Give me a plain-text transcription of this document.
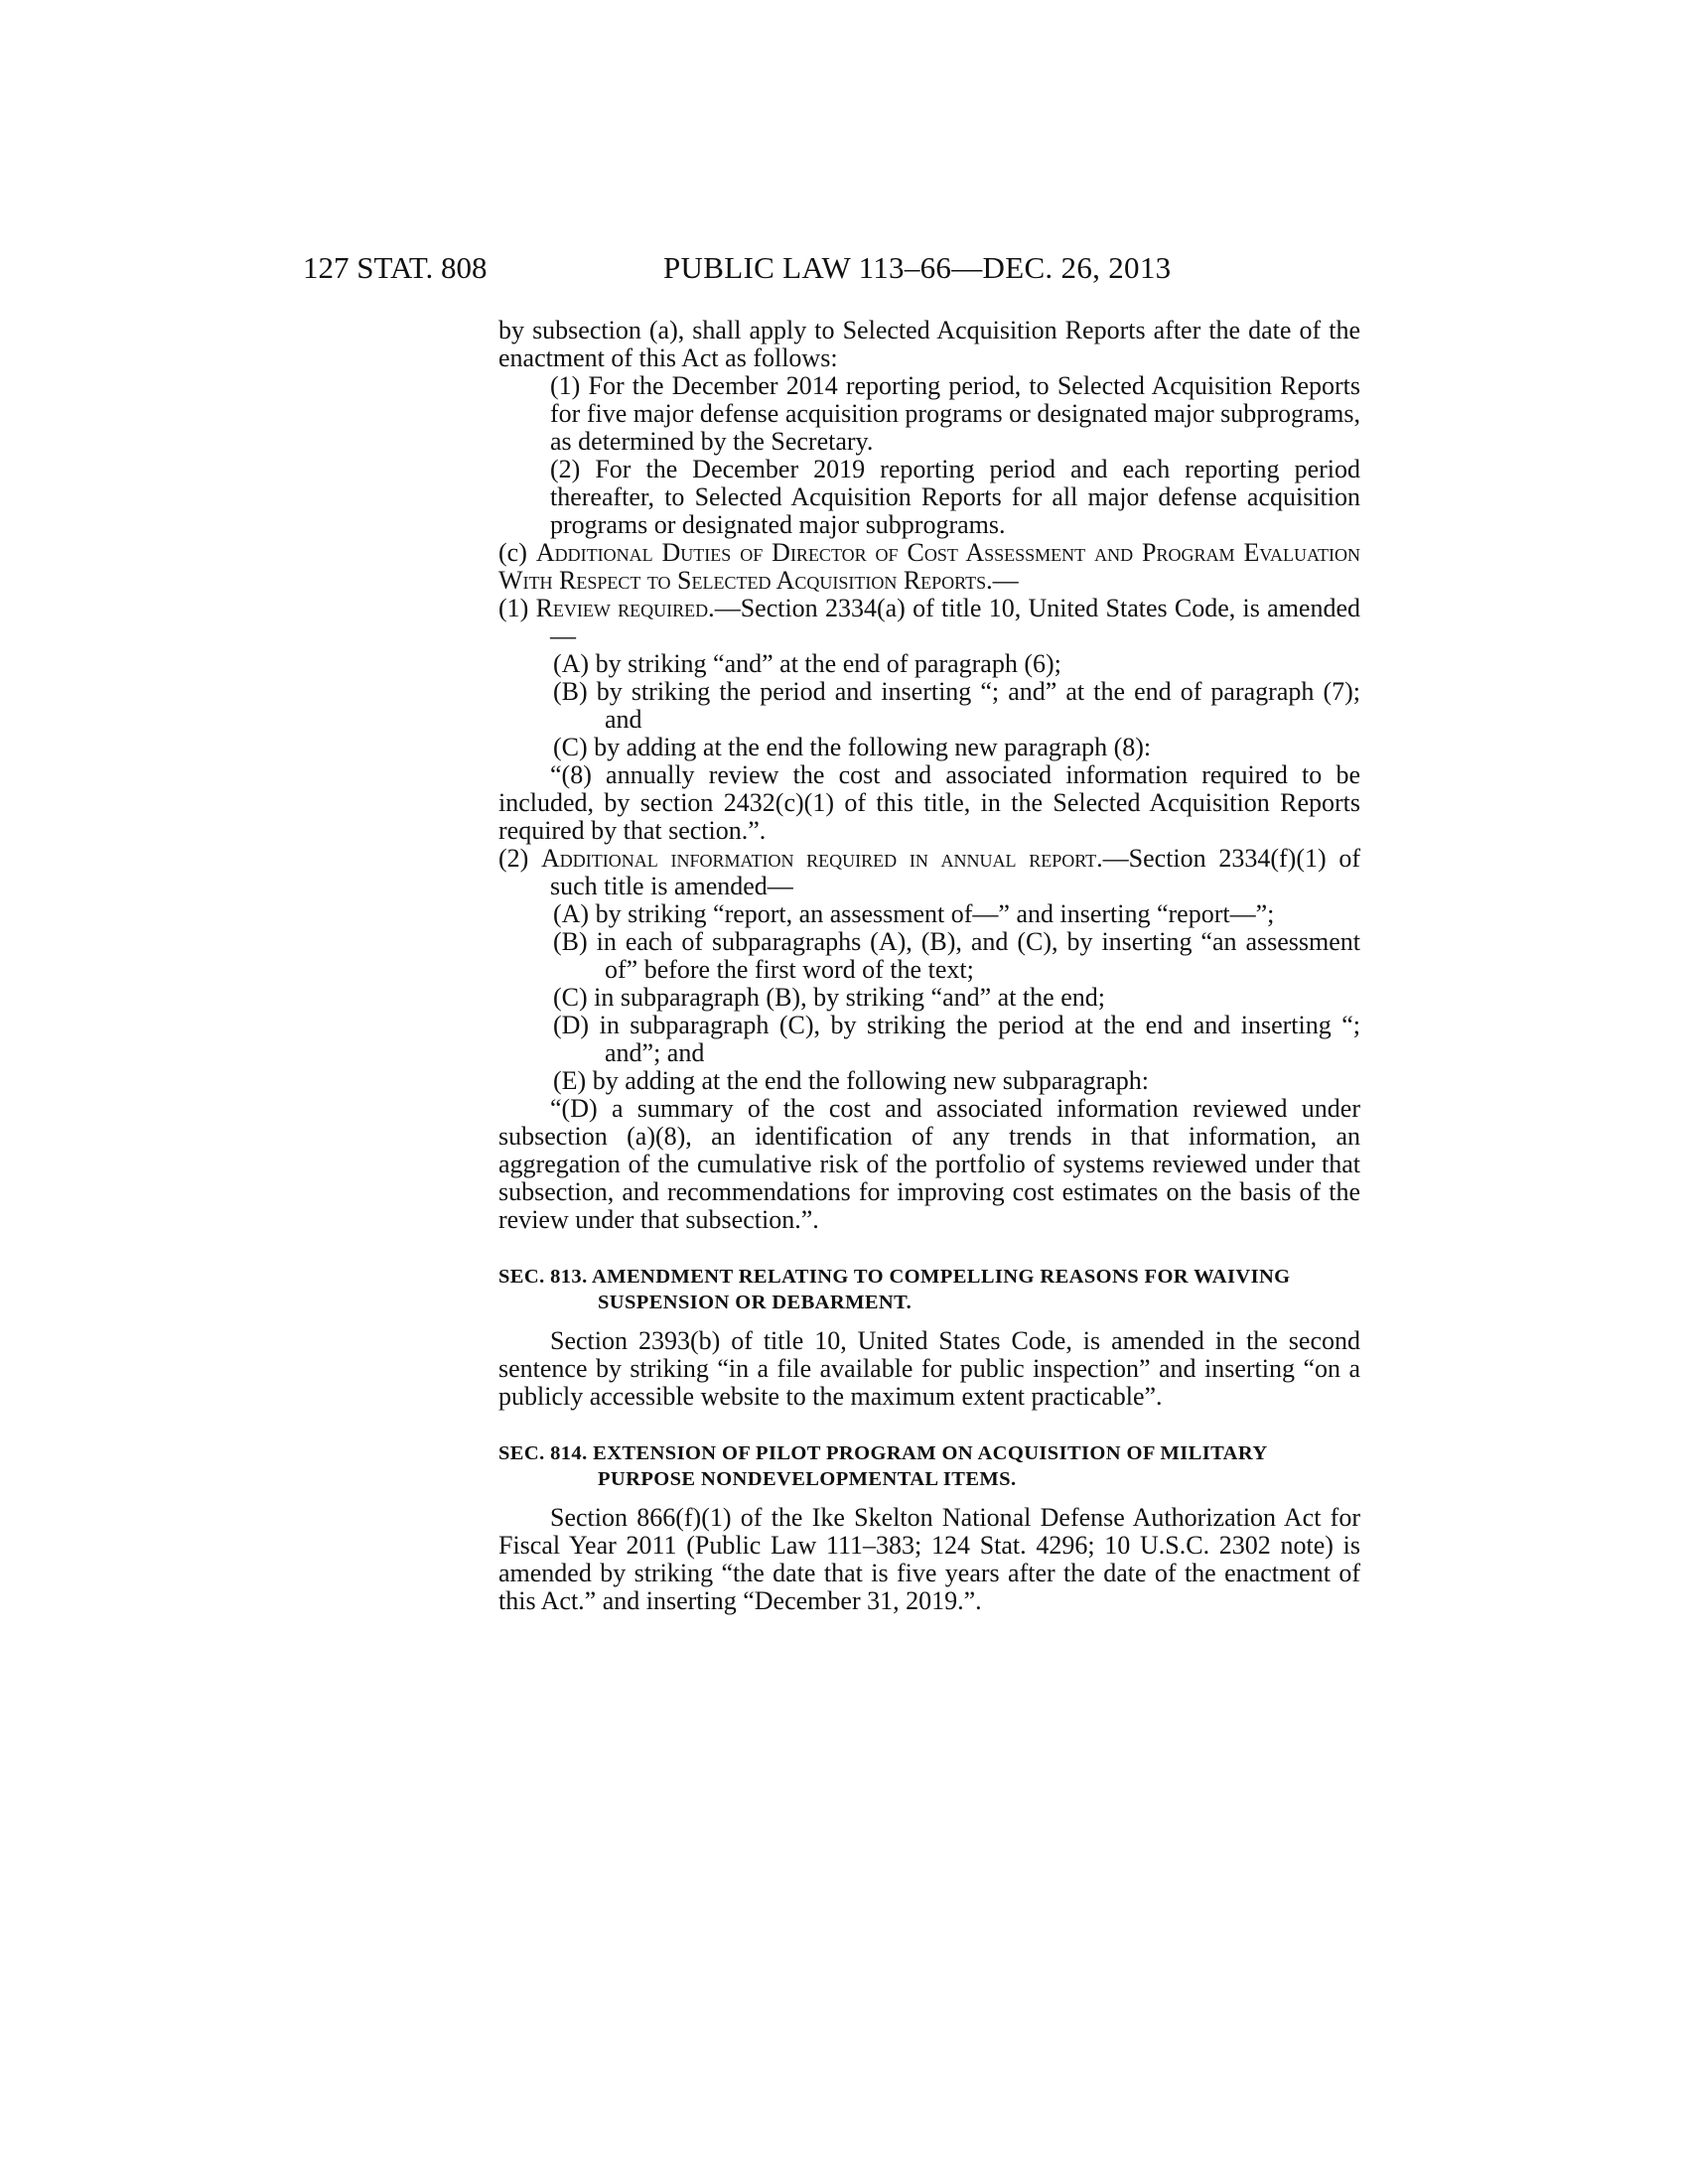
127 STAT. 808	PUBLIC LAW 113–66—DEC. 26, 2013

by subsection (a), shall apply to Selected Acquisition Reports after the date of the enactment of this Act as follows:

(1) For the December 2014 reporting period, to Selected Acquisition Reports for five major defense acquisition programs or designated major subprograms, as determined by the Secretary.

(2) For the December 2019 reporting period and each reporting period thereafter, to Selected Acquisition Reports for all major defense acquisition programs or designated major subprograms.

(c) Additional Duties of Director of Cost Assessment and Program Evaluation With Respect to Selected Acquisition Reports.—

(1) Review required.—Section 2334(a) of title 10, United States Code, is amended—

(A) by striking “and” at the end of paragraph (6);

(B) by striking the period and inserting “; and” at the end of paragraph (7); and

(C) by adding at the end the following new paragraph (8):

“(8) annually review the cost and associated information required to be included, by section 2432(c)(1) of this title, in the Selected Acquisition Reports required by that section.”.

(2) Additional information required in annual report.—Section 2334(f)(1) of such title is amended—

(A) by striking “report, an assessment of—” and inserting “report—”;

(B) in each of subparagraphs (A), (B), and (C), by inserting “an assessment of” before the first word of the text;

(C) in subparagraph (B), by striking “and” at the end;

(D) in subparagraph (C), by striking the period at the end and inserting “; and”; and

(E) by adding at the end the following new subparagraph:

“(D) a summary of the cost and associated information reviewed under subsection (a)(8), an identification of any trends in that information, an aggregation of the cumulative risk of the portfolio of systems reviewed under that subsection, and recommendations for improving cost estimates on the basis of the review under that subsection.”.

SEC. 813. AMENDMENT RELATING TO COMPELLING REASONS FOR WAIVING SUSPENSION OR DEBARMENT.

Section 2393(b) of title 10, United States Code, is amended in the second sentence by striking “in a file available for public inspection” and inserting “on a publicly accessible website to the maximum extent practicable”.

SEC. 814. EXTENSION OF PILOT PROGRAM ON ACQUISITION OF MILITARY PURPOSE NONDEVELOPMENTAL ITEMS.

Section 866(f)(1) of the Ike Skelton National Defense Authorization Act for Fiscal Year 2011 (Public Law 111–383; 124 Stat. 4296; 10 U.S.C. 2302 note) is amended by striking “the date that is five years after the date of the enactment of this Act.” and inserting “December 31, 2019.”.
